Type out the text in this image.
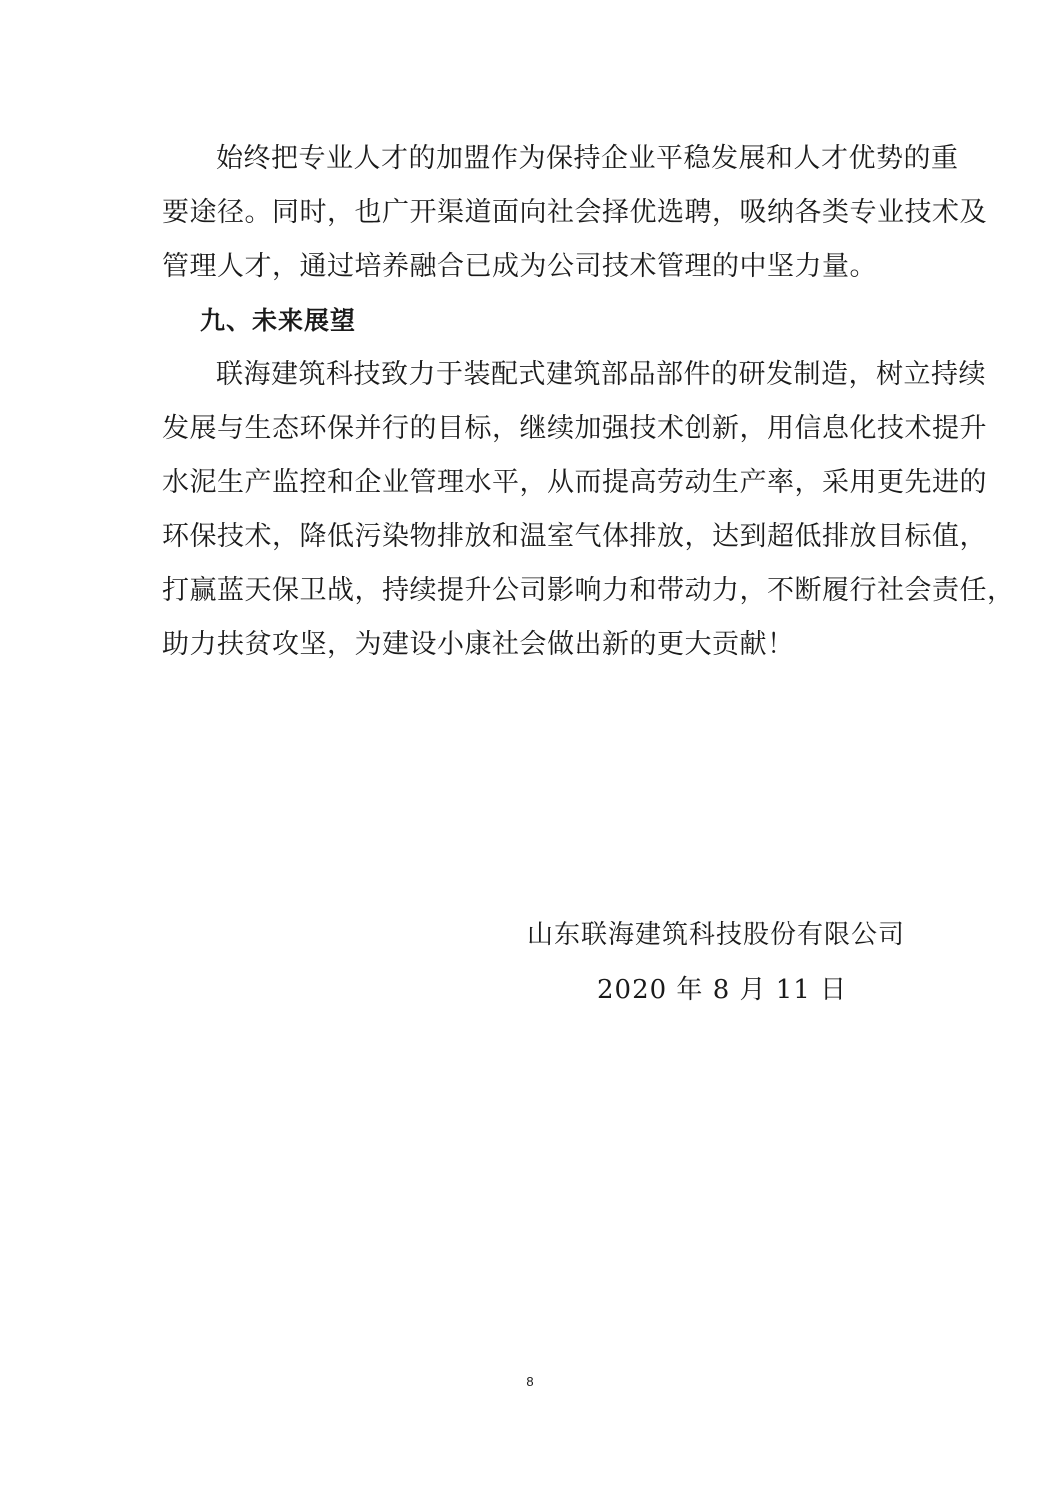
始终把专业人才的加盟作为保持企业平稳发展和人才优势的重
要途径。同时，也广开渠道面向社会择优选聘，吸纳各类专业技术及
管理人才，通过培养融合已成为公司技术管理的中坚力量。
九、未来展望
联海建筑科技致力于装配式建筑部品部件的研发制造，树立持续
发展与生态环保并行的目标，继续加强技术创新，用信息化技术提升
水泥生产监控和企业管理水平，从而提高劳动生产率，采用更先进的
环保技术，降低污染物排放和温室气体排放，达到超低排放目标值，
打赢蓝天保卫战，持续提升公司影响力和带动力，不断履行社会责任，
助力扶贫攻坚，为建设小康社会做出新的更大贡献！
山东联海建筑科技股份有限公司
2020 年 8 月 11 日
8
